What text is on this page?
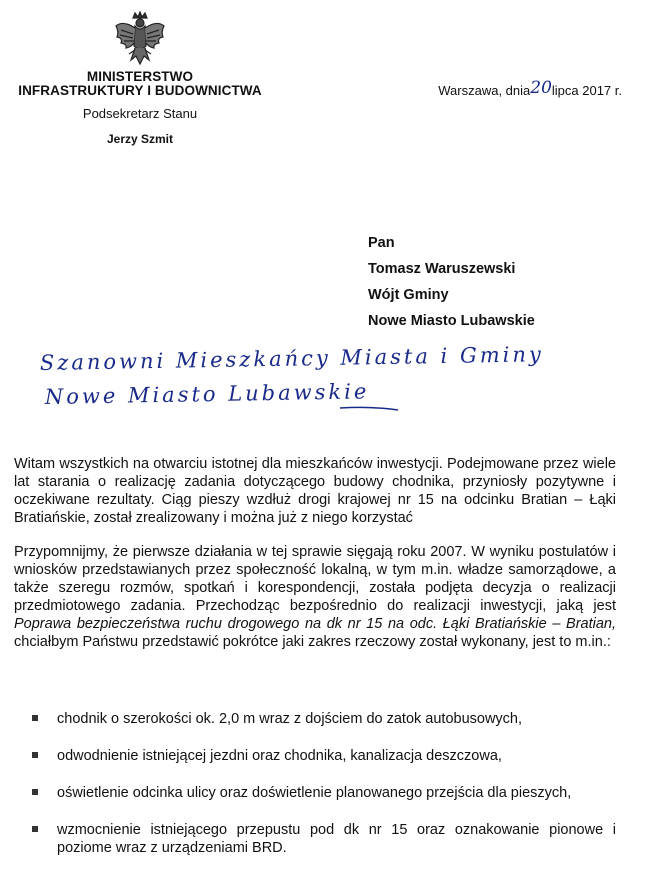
MINISTERSTWO
INFRASTRUKTURY I BUDOWNICTWA
Podsekretarz Stanu
Jerzy Szmit
Warszawa, dnia20lipca 2017 r.
Pan
Tomasz Waruszewski
Wójt Gminy
Nowe Miasto Lubawskie
Szanowni Mieszkańcy Miasta i Gminy
Nowe Miasto Lubawskie

Witam wszystkich na otwarciu istotnej dla mieszkańców inwestycji. Podejmowane przez wiele lat starania o realizację zadania dotyczącego budowy chodnika, przyniosły pozytywne i oczekiwane rezultaty. Ciąg pieszy wzdłuż drogi krajowej nr 15 na odcinku Bratian – Łąki Bratiańskie, został zrealizowany i można już z niego korzystać

Przypomnijmy, że pierwsze działania w tej sprawie sięgają roku 2007. W wyniku postulatów i wniosków przedstawianych przez społeczność lokalną, w tym m.in. władze samorządowe, a także szeregu rozmów, spotkań i korespondencji, została podjęta decyzja o realizacji przedmiotowego zadania. Przechodząc bezpośrednio do realizacji inwestycji, jaką jest Poprawa bezpieczeństwa ruchu drogowego na dk nr 15 na odc. Łąki Bratiańskie – Bratian, chciałbym Państwu przedstawić pokrótce jaki zakres rzeczowy został wykonany, jest to m.in.:

chodnik o szerokości ok. 2,0 m wraz z dojściem do zatok autobusowych,
odwodnienie istniejącej jezdni oraz chodnika, kanalizacja deszczowa,
oświetlenie odcinka ulicy oraz doświetlenie planowanego przejścia dla pieszych,
wzmocnienie istniejącego przepustu pod dk nr 15 oraz oznakowanie pionowe i poziome wraz z urządzeniami BRD.
